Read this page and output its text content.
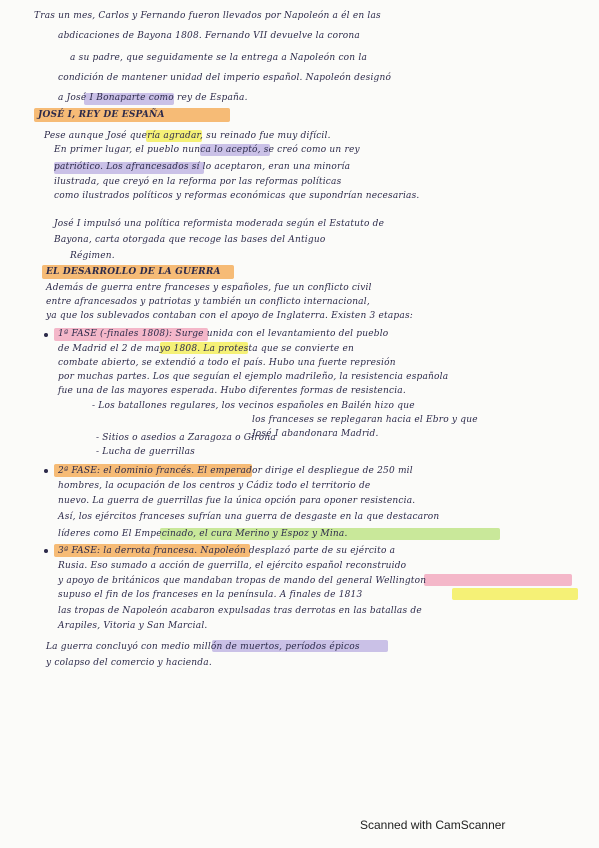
Tras un mes, Carlos y Fernando fueron llevados por Napoleón a él en las
abdicaciones de Bayona 1808. Fernando VII devuelve la corona
a su padre, que seguidamente se la entrega a Napoleón con la
condición de mantener unidad del imperio español. Napoleón designó
a José I Bonaparte como rey de España.
JOSÉ I, REY DE ESPAÑA
Pese aunque José quería agradar, su reinado fue muy difícil.
En primer lugar, el pueblo nunca lo aceptó, se creó como un rey
patriótico. Los afrancesados sí lo aceptaron, eran una minoría
ilustrada, que creyó en la reforma por las reformas políticas
como ilustrados políticos y reformas económicas que supondrían necesarias.
José I impulsó una política reformista moderada según el Estatuto de
Bayona, carta otorgada que recoge las bases del Antiguo
Régimen.
EL DESARROLLO DE LA GUERRA
Además de guerra entre franceses y españoles, fue un conflicto civil
entre afrancesados y patriotas y también un conflicto internacional,
ya que los sublevados contaban con el apoyo de Inglaterra. Existen 3 etapas:
1ª FASE (-finales 1808): Surge unida con el levantamiento del pueblo
de Madrid el 2 de mayo 1808. La protesta que se convierte en
combate abierto, se extendió a todo el país. Hubo una fuerte represión
por muchas partes. Los que seguían el ejemplo madrileño, la resistencia española
fue una de las mayores esperada. Hubo diferentes formas de resistencia.
- Los batallones regulares, los vecinos españoles en Bailén hizo que
los franceses se replegaran hacia el Ebro y que
José I abandonara Madrid.
- Sitios o asedios a Zaragoza o Girona
- Lucha de guerrillas
2ª FASE: el dominio francés. El emperador dirige el despliegue de 250 mil
hombres, la ocupación de los centros y Cádiz todo el territorio de
nuevo. La guerra de guerrillas fue la única opción para oponer resistencia.
Así, los ejércitos franceses sufrían una guerra de desgaste en la que destacaron
líderes como El Empecinado, el cura Merino y Espoz y Mina.
3ª FASE: la derrota francesa. Napoleón desplazó parte de su ejército a
Rusia. Eso sumado a acción de guerrilla, el ejército español reconstruido
y apoyo de británicos que mandaban tropas de mando del general Wellington
supuso el fin de los franceses en la península. A finales de 1813
las tropas de Napoleón acabaron expulsadas tras derrotas en las batallas de
Arapiles, Vitoria y San Marcial.
La guerra concluyó con medio millón de muertos, períodos épicos
y colapso del comercio y hacienda.
Scanned with CamScanner
